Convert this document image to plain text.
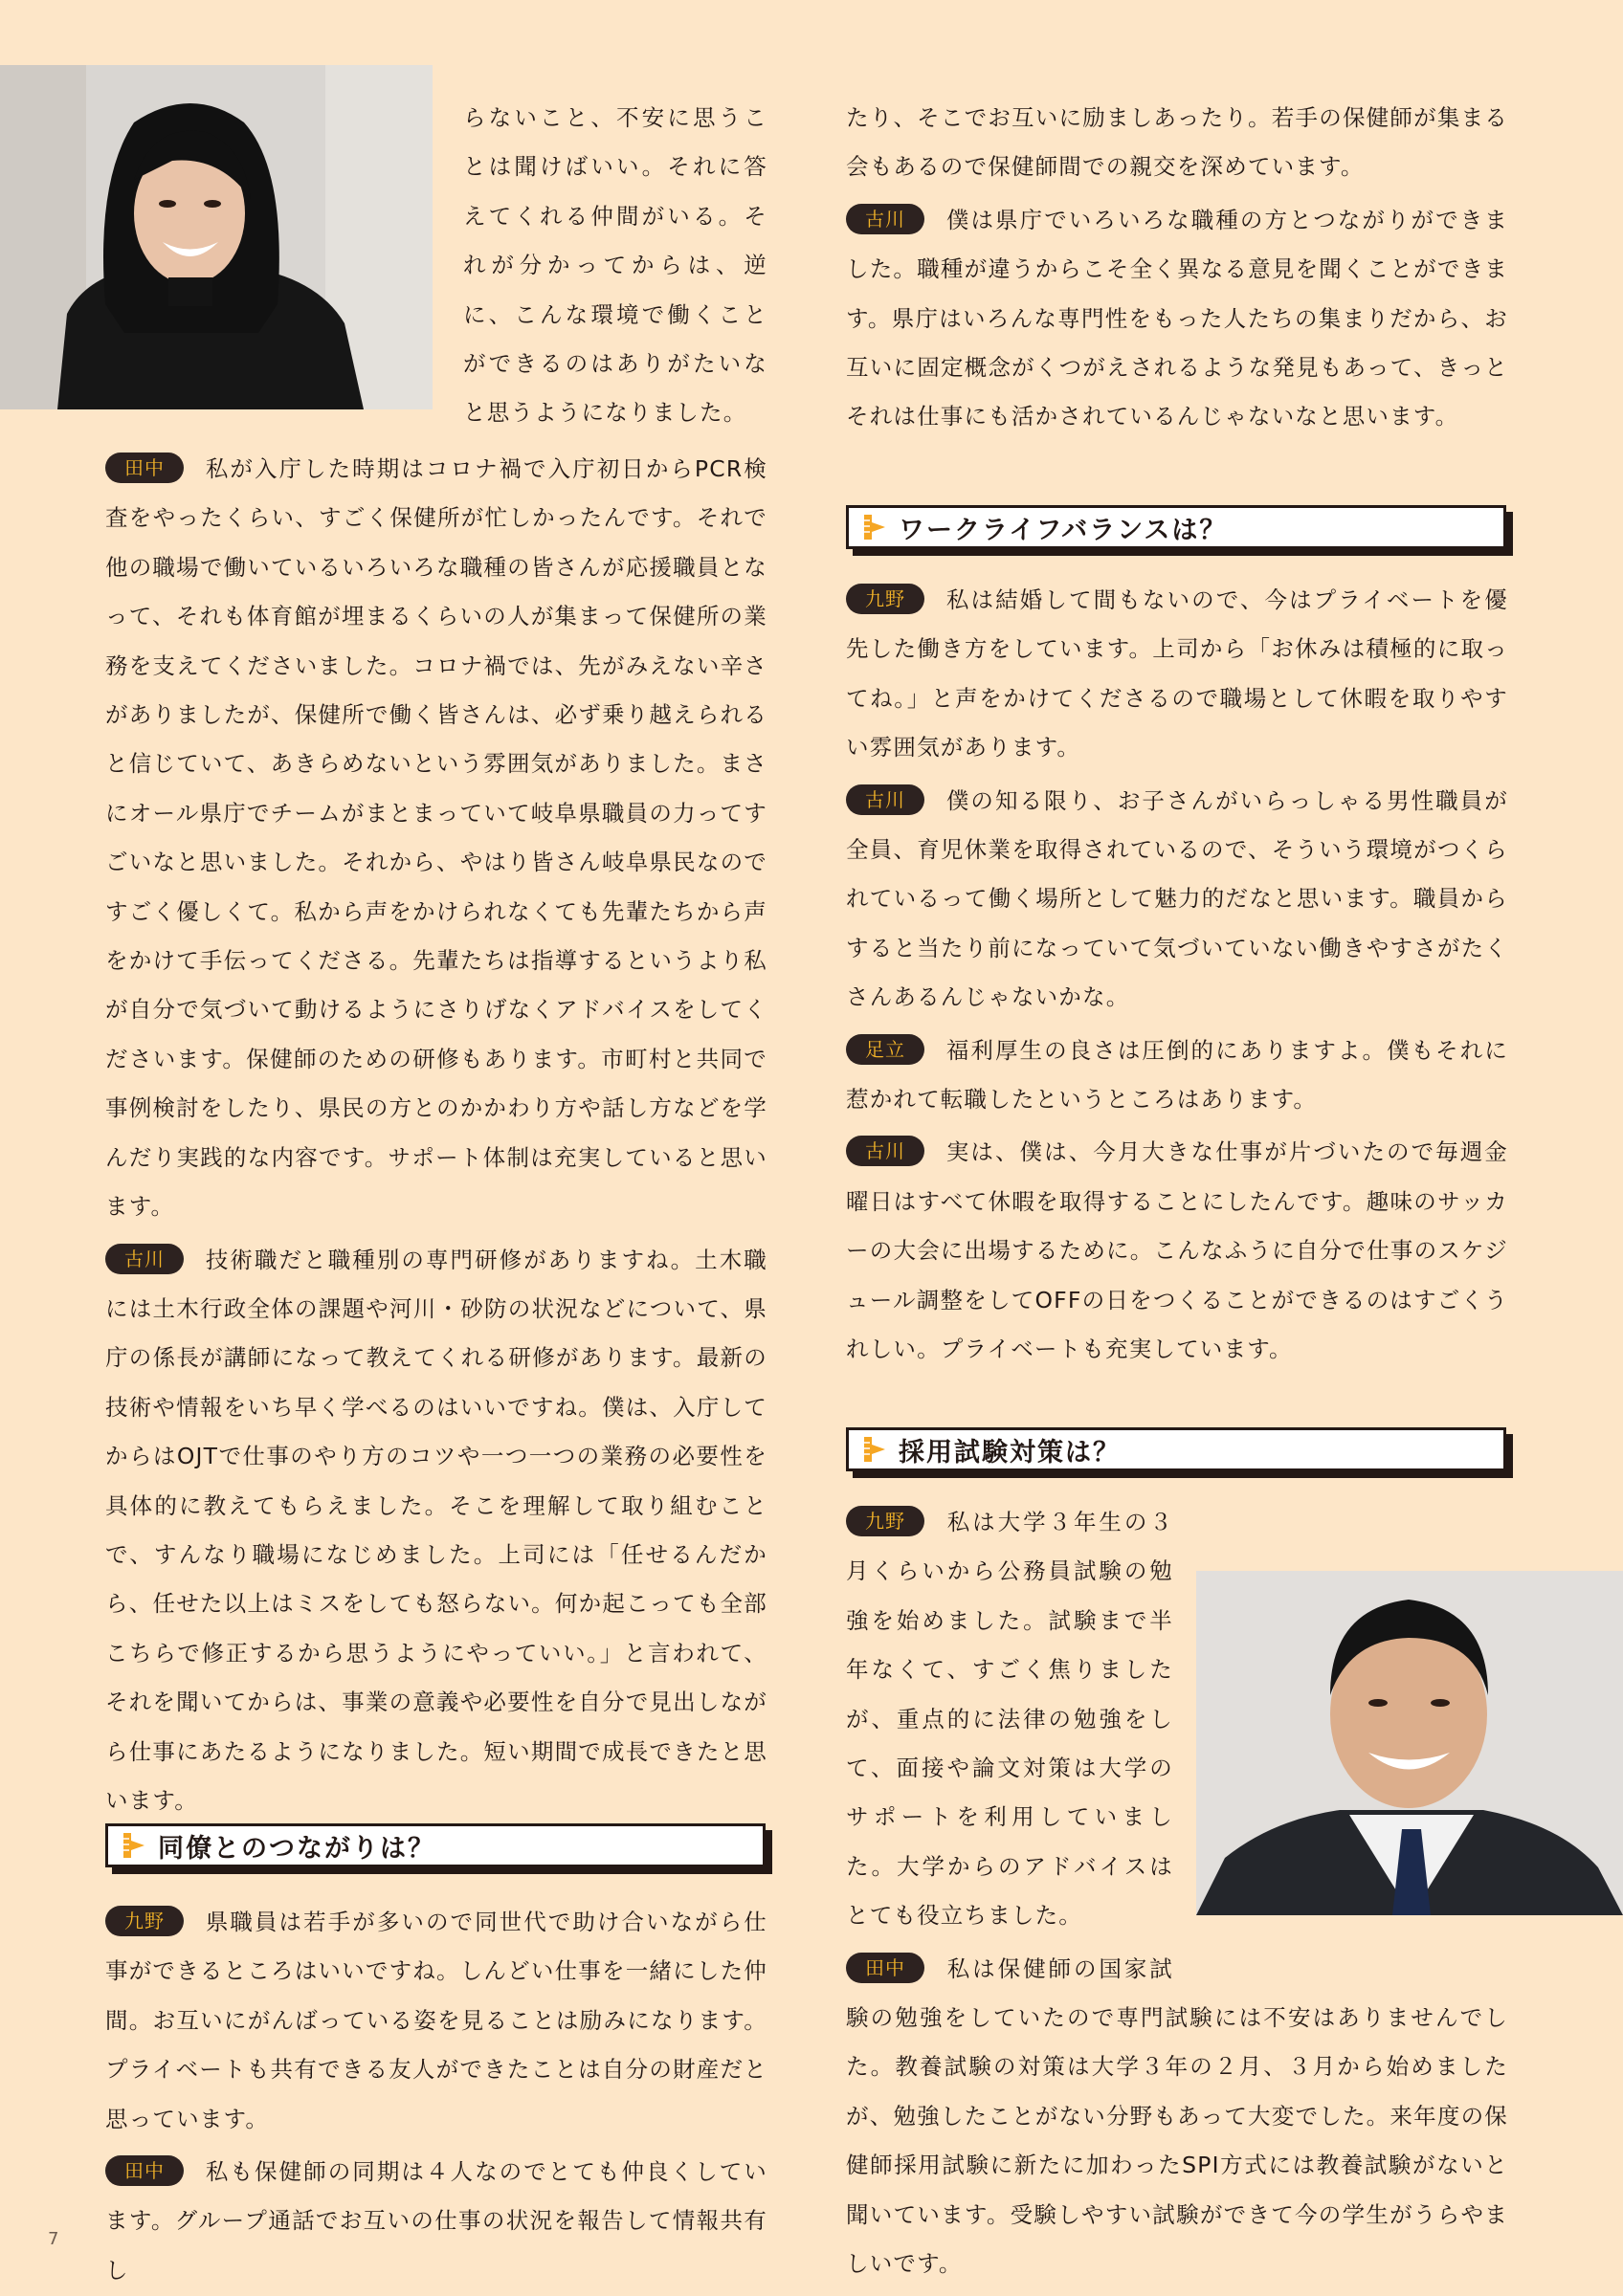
らないこと、不安に思うことは聞けばいい。それに答えてくれる仲間がいる。それが分かってからは、逆に、こんな環境で働くことができるのはありがたいなと思うようになりました。

田中 私が入庁した時期はコロナ禍で入庁初日からPCR検査をやったくらい、すごく保健所が忙しかったんです。それで他の職場で働いているいろいろな職種の皆さんが応援職員となって、それも体育館が埋まるくらいの人が集まって保健所の業務を支えてくださいました。コロナ禍では、先がみえない辛さがありましたが、保健所で働く皆さんは、必ず乗り越えられると信じていて、あきらめないという雰囲気がありました。まさにオール県庁でチームがまとまっていて岐阜県職員の力ってすごいなと思いました。それから、やはり皆さん岐阜県民なのですごく優しくて。私から声をかけられなくても先輩たちから声をかけて手伝ってくださる。先輩たちは指導するというより私が自分で気づいて動けるようにさりげなくアドバイスをしてくださいます。保健師のための研修もあります。市町村と共同で事例検討をしたり、県民の方とのかかわり方や話し方などを学んだり実践的な内容です。サポート体制は充実していると思います。

古川 技術職だと職種別の専門研修がありますね。土木職には土木行政全体の課題や河川・砂防の状況などについて、県庁の係長が講師になって教えてくれる研修があります。最新の技術や情報をいち早く学べるのはいいですね。僕は、入庁してからはOJTで仕事のやり方のコツや一つ一つの業務の必要性を具体的に教えてもらえました。そこを理解して取り組むことで、すんなり職場になじめました。上司には「任せるんだから、任せた以上はミスをしても怒らない。何か起こっても全部こちらで修正するから思うようにやっていい。」と言われて、それを聞いてからは、事業の意義や必要性を自分で見出しながら仕事にあたるようになりました。短い期間で成長できたと思います。

同僚とのつながりは？

九野 県職員は若手が多いので同世代で助け合いながら仕事ができるところはいいですね。しんどい仕事を一緒にした仲間。お互いにがんばっている姿を見ることは励みになります。プライベートも共有できる友人ができたことは自分の財産だと思っています。

田中 私も保健師の同期は４人なのでとても仲良くしています。グループ通話でお互いの仕事の状況を報告して情報共有し

たり、そこでお互いに励ましあったり。若手の保健師が集まる会もあるので保健師間での親交を深めています。

古川 僕は県庁でいろいろな職種の方とつながりができました。職種が違うからこそ全く異なる意見を聞くことができます。県庁はいろんな専門性をもった人たちの集まりだから、お互いに固定概念がくつがえされるような発見もあって、きっとそれは仕事にも活かされているんじゃないなと思います。

ワークライフバランスは？

九野 私は結婚して間もないので、今はプライベートを優先した働き方をしています。上司から「お休みは積極的に取ってね。」と声をかけてくださるので職場として休暇を取りやすい雰囲気があります。

古川 僕の知る限り、お子さんがいらっしゃる男性職員が全員、育児休業を取得されているので、そういう環境がつくられているって働く場所として魅力的だなと思います。職員からすると当たり前になっていて気づいていない働きやすさがたくさんあるんじゃないかな。

足立 福利厚生の良さは圧倒的にありますよ。僕もそれに惹かれて転職したというところはあります。

古川 実は、僕は、今月大きな仕事が片づいたので毎週金曜日はすべて休暇を取得することにしたんです。趣味のサッカーの大会に出場するために。こんなふうに自分で仕事のスケジュール調整をしてOFFの日をつくることができるのはすごくうれしい。プライベートも充実しています。

採用試験対策は？

九野 私は大学３年生の３月くらいから公務員試験の勉強を始めました。試験まで半年なくて、すごく焦りましたが、重点的に法律の勉強をして、面接や論文対策は大学のサポートを利用していました。大学からのアドバイスはとても役立ちました。

田中 私は保健師の国家試験の勉強をしていたので専門試験には不安はありませんでした。教養試験の対策は大学３年の２月、３月から始めましたが、勉強したことがない分野もあって大変でした。来年度の保健師採用試験に新たに加わったSPI方式には教養試験がないと聞いています。受験しやすい試験ができて今の学生がうらやましいです。

7
